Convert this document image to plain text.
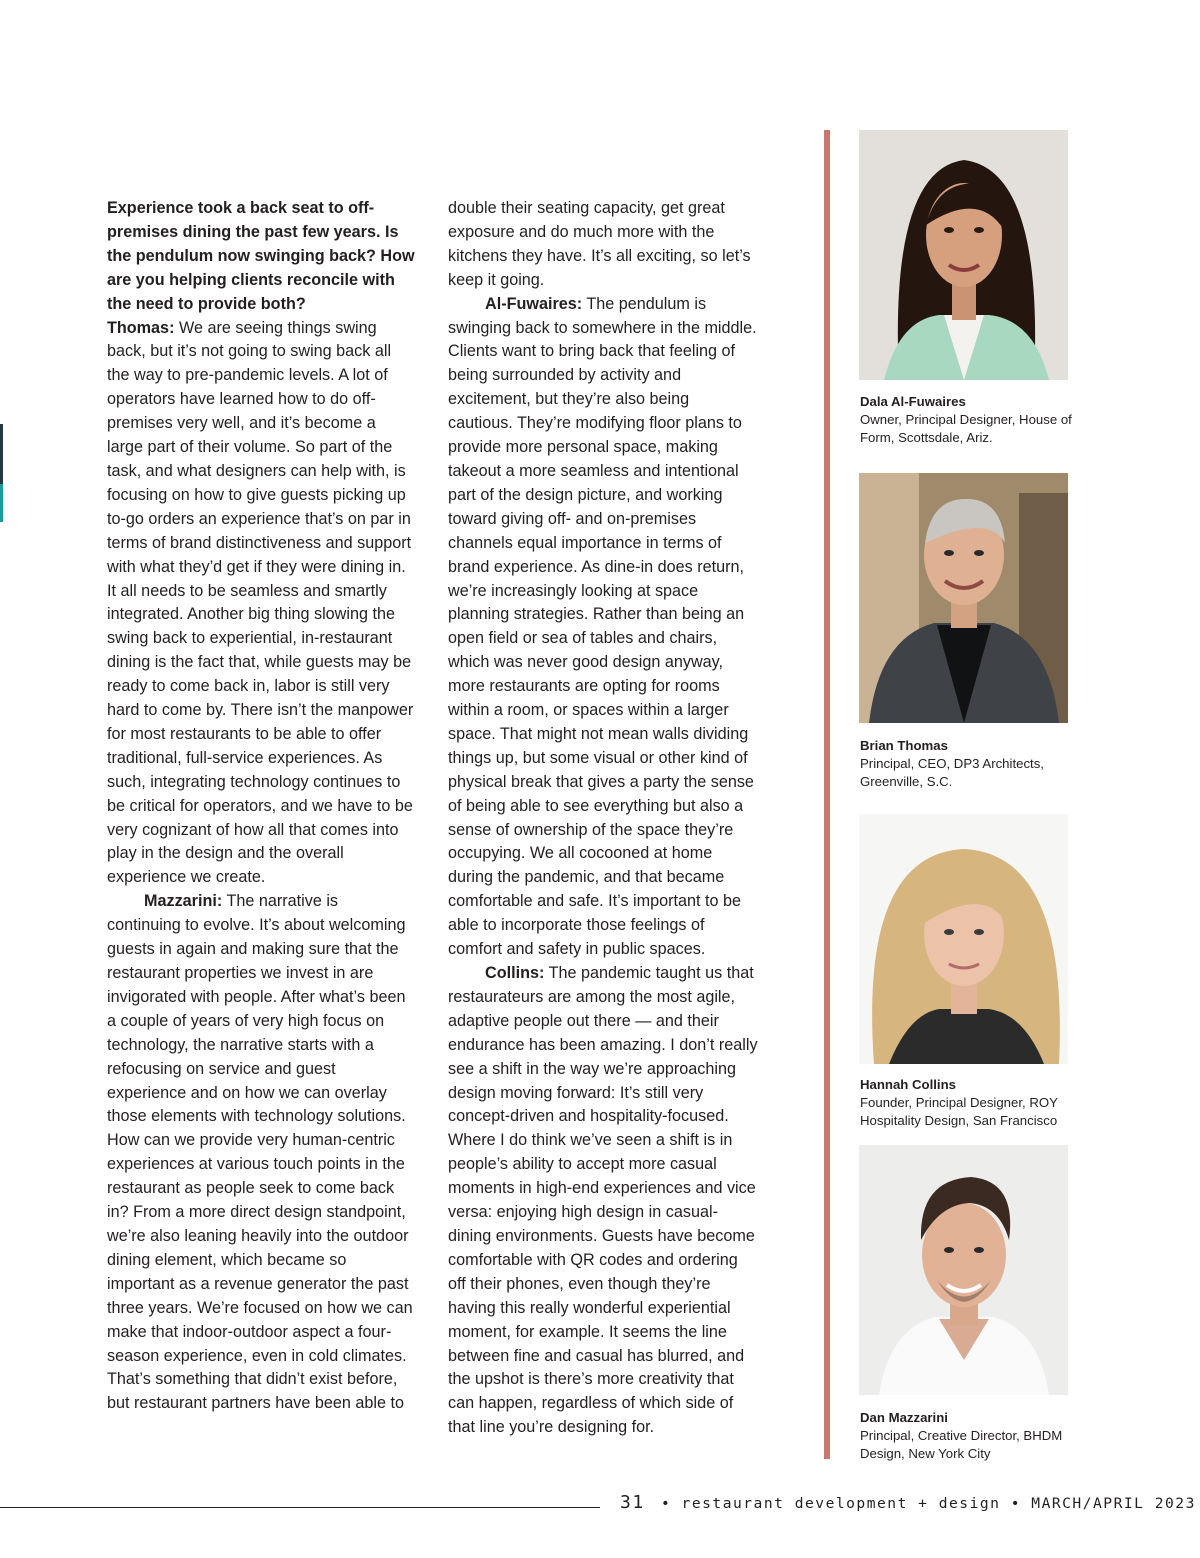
Experience took a back seat to off-premises dining the past few years. Is the pendulum now swinging back? How are you helping clients reconcile with the need to provide both?

Thomas: We are seeing things swing back, but it’s not going to swing back all the way to pre-pandemic levels. A lot of operators have learned how to do off-premises very well, and it’s become a large part of their volume. So part of the task, and what designers can help with, is focusing on how to give guests picking up to-go orders an experience that’s on par in terms of brand distinctiveness and support with what they’d get if they were dining in. It all needs to be seamless and smartly integrated. Another big thing slowing the swing back to experiential, in-restaurant dining is the fact that, while guests may be ready to come back in, labor is still very hard to come by. There isn’t the manpower for most restaurants to be able to offer traditional, full-service experiences. As such, integrating technology continues to be critical for operators, and we have to be very cognizant of how all that comes into play in the design and the overall experience we create.

Mazzarini: The narrative is continuing to evolve. It’s about welcoming guests in again and making sure that the restaurant properties we invest in are invigorated with people. After what’s been a couple of years of very high focus on technology, the narrative starts with a refocusing on service and guest experience and on how we can overlay those elements with technology solutions. How can we provide very human-centric experiences at various touch points in the restaurant as people seek to come back in? From a more direct design standpoint, we’re also leaning heavily into the outdoor dining element, which became so important as a revenue generator the past three years. We’re focused on how we can make that indoor-outdoor aspect a four-season experience, even in cold climates. That’s something that didn’t exist before, but restaurant partners have been able to

double their seating capacity, get great exposure and do much more with the kitchens they have. It’s all exciting, so let’s keep it going.

Al-Fuwaires: The pendulum is swinging back to somewhere in the middle. Clients want to bring back that feeling of being surrounded by activity and excitement, but they’re also being cautious. They’re modifying floor plans to provide more personal space, making takeout a more seamless and intentional part of the design picture, and working toward giving off- and on-premises channels equal importance in terms of brand experience. As dine-in does return, we’re increasingly looking at space planning strategies. Rather than being an open field or sea of tables and chairs, which was never good design anyway, more restaurants are opting for rooms within a room, or spaces within a larger space. That might not mean walls dividing things up, but some visual or other kind of physical break that gives a party the sense of being able to see everything but also a sense of ownership of the space they’re occupying. We all cocooned at home during the pandemic, and that became comfortable and safe. It’s important to be able to incorporate those feelings of comfort and safety in public spaces.

Collins: The pandemic taught us that restaurateurs are among the most agile, adaptive people out there — and their endurance has been amazing. I don’t really see a shift in the way we’re approaching design moving forward: It’s still very concept-driven and hospitality-focused. Where I do think we’ve seen a shift is in people’s ability to accept more casual moments in high-end experiences and vice versa: enjoying high design in casual-dining environments. Guests have become comfortable with QR codes and ordering off their phones, even though they’re having this really wonderful experiential moment, for example. It seems the line between fine and casual has blurred, and the upshot is there’s more creativity that can happen, regardless of which side of that line you’re designing for.

Dala Al-Fuwaires
Owner, Principal Designer, House of Form, Scottsdale, Ariz.
Brian Thomas
Principal, CEO, DP3 Architects, Greenville, S.C.
Hannah Collins
Founder, Principal Designer, ROY Hospitality Design, San Francisco
Dan Mazzarini
Principal, Creative Director, BHDM Design, New York City
31 • restaurant development + design • MARCH/APRIL 2023
